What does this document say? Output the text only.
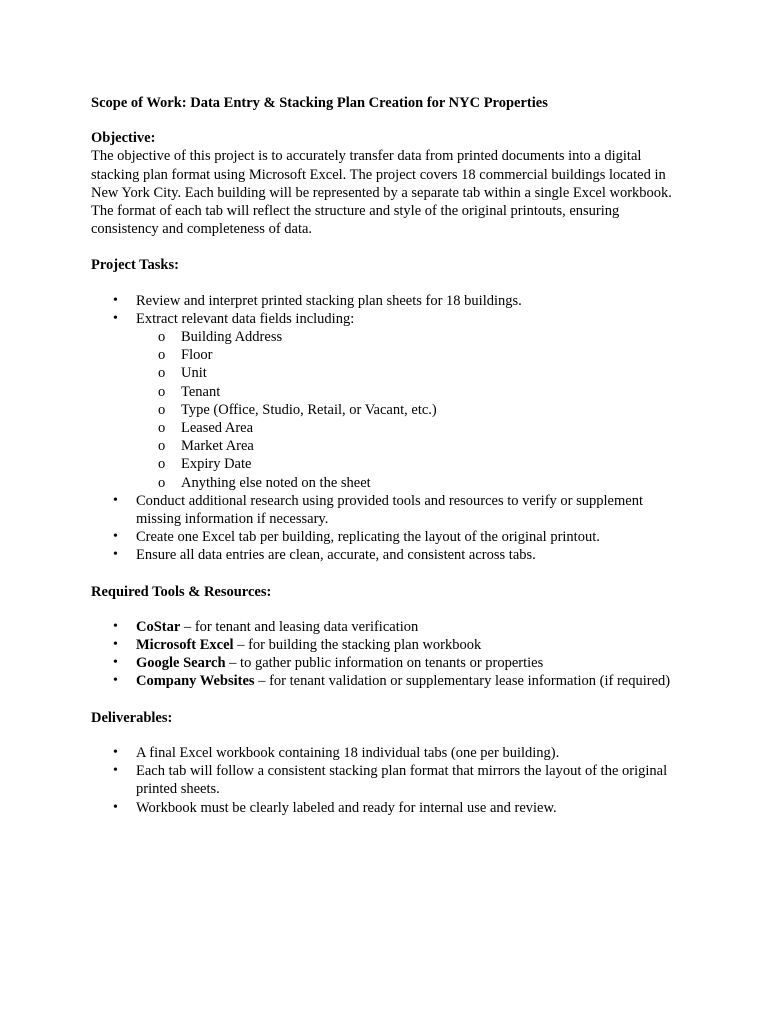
Scope of Work: Data Entry & Stacking Plan Creation for NYC Properties

Objective:

The objective of this project is to accurately transfer data from printed documents into a digital stacking plan format using Microsoft Excel. The project covers 18 commercial buildings located in New York City. Each building will be represented by a separate tab within a single Excel workbook. The format of each tab will reflect the structure and style of the original printouts, ensuring consistency and completeness of data.

Project Tasks:

• Review and interpret printed stacking plan sheets for 18 buildings.
• Extract relevant data fields including:
o Building Address
o Floor
o Unit
o Tenant
o Type (Office, Studio, Retail, or Vacant, etc.)
o Leased Area
o Market Area
o Expiry Date
o Anything else noted on the sheet
• Conduct additional research using provided tools and resources to verify or supplement missing information if necessary.
• Create one Excel tab per building, replicating the layout of the original printout.
• Ensure all data entries are clean, accurate, and consistent across tabs.

Required Tools & Resources:

• CoStar – for tenant and leasing data verification
• Microsoft Excel – for building the stacking plan workbook
• Google Search – to gather public information on tenants or properties
• Company Websites – for tenant validation or supplementary lease information (if required)

Deliverables:

• A final Excel workbook containing 18 individual tabs (one per building).
• Each tab will follow a consistent stacking plan format that mirrors the layout of the original printed sheets.
• Workbook must be clearly labeled and ready for internal use and review.
